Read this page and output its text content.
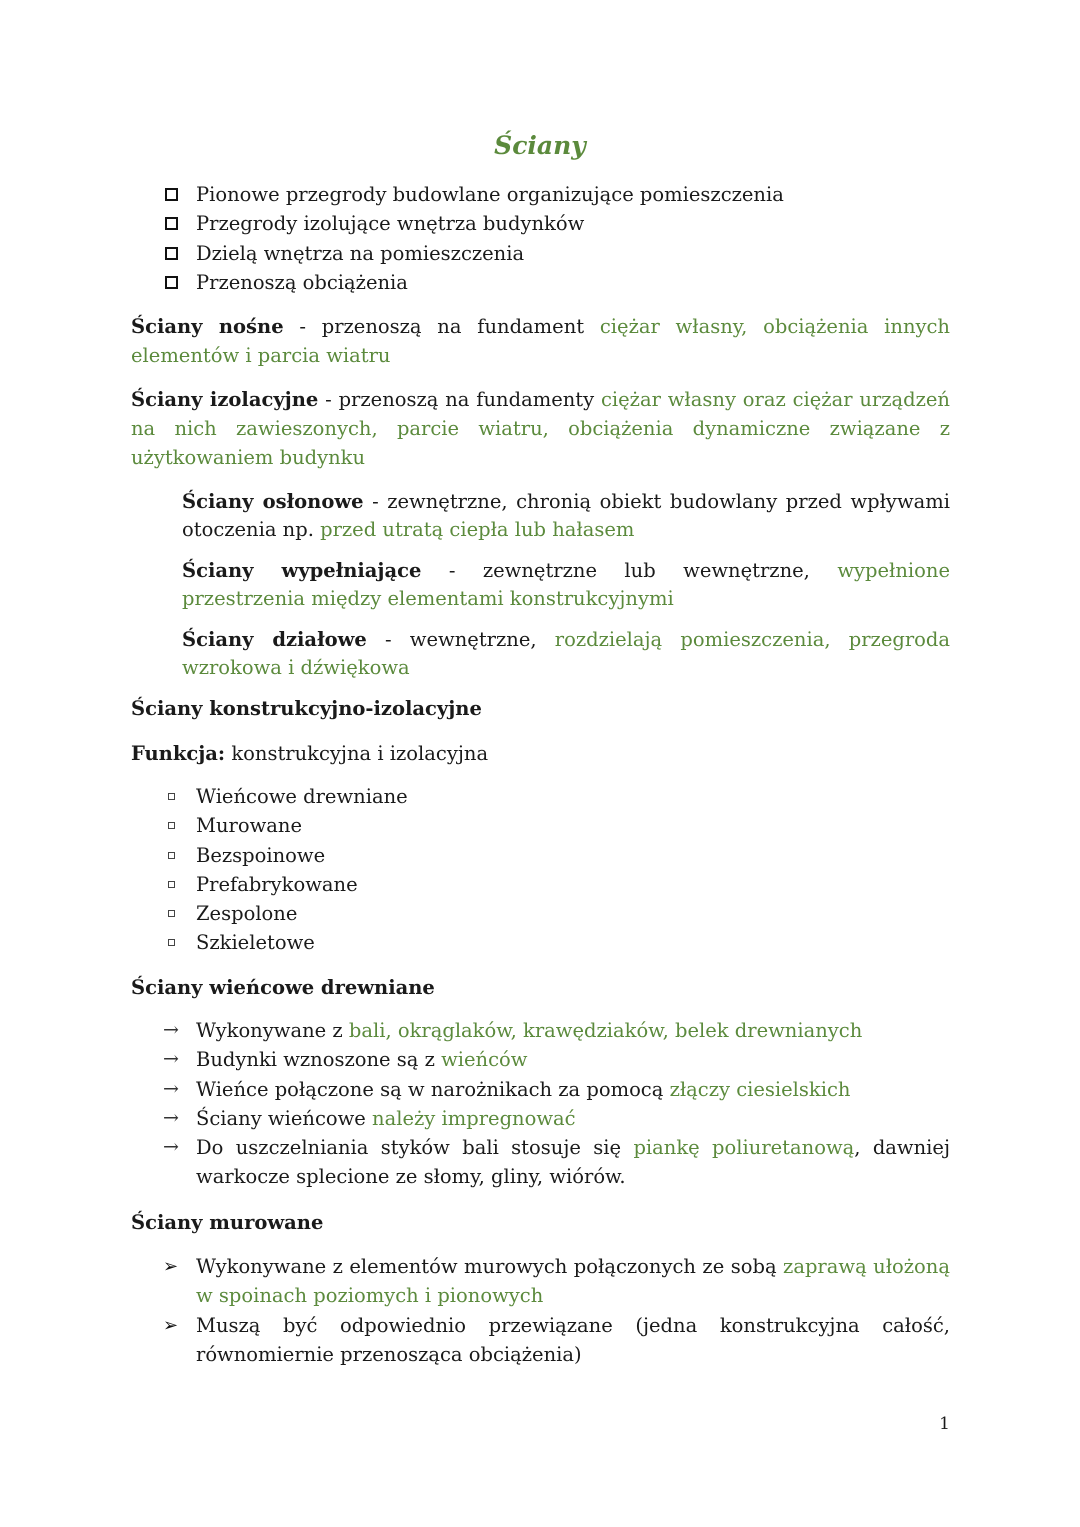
Ściany
Pionowe przegrody budowlane organizujące pomieszczenia
Przegrody izolujące wnętrza budynków
Dzielą wnętrza na pomieszczenia
Przenoszą obciążenia

Ściany nośne - przenoszą na fundament ciężar własny, obciążenia innych elementów i parcia wiatru

Ściany izolacyjne - przenoszą na fundamenty ciężar własny oraz ciężar urządzeń na nich zawieszonych, parcie wiatru, obciążenia dynamiczne związane z użytkowaniem budynku

Ściany osłonowe - zewnętrzne, chronią obiekt budowlany przed wpływami otoczenia np. przed utratą ciepła lub hałasem

Ściany wypełniające - zewnętrzne lub wewnętrzne, wypełnione przestrzenia między elementami konstrukcyjnymi

Ściany działowe - wewnętrzne, rozdzielają pomieszczenia, przegroda wzrokowa i dźwiękowa

Ściany konstrukcyjno-izolacyjne
Funkcja: konstrukcyjna i izolacyjna
Wieńcowe drewniane
Murowane
Bezspoinowe
Prefabrykowane
Zespolone
Szkieletowe
Ściany wieńcowe drewniane
→ Wykonywane z bali, okrąglaków, krawędziaków, belek drewnianych
→ Budynki wznoszone są z wieńców
→ Wieńce połączone są w narożnikach za pomocą złączy ciesielskich
→ Ściany wieńcowe należy impregnować
→ Do uszczelniania styków bali stosuje się piankę poliuretanową, dawniej warkocze splecione ze słomy, gliny, wiórów.
Ściany murowane
➢ Wykonywane z elementów murowych połączonych ze sobą zaprawą ułożoną w spoinach poziomych i pionowych
➢ Muszą być odpowiednio przewiązane (jedna konstrukcyjna całość, równomiernie przenosząca obciążenia)
1
